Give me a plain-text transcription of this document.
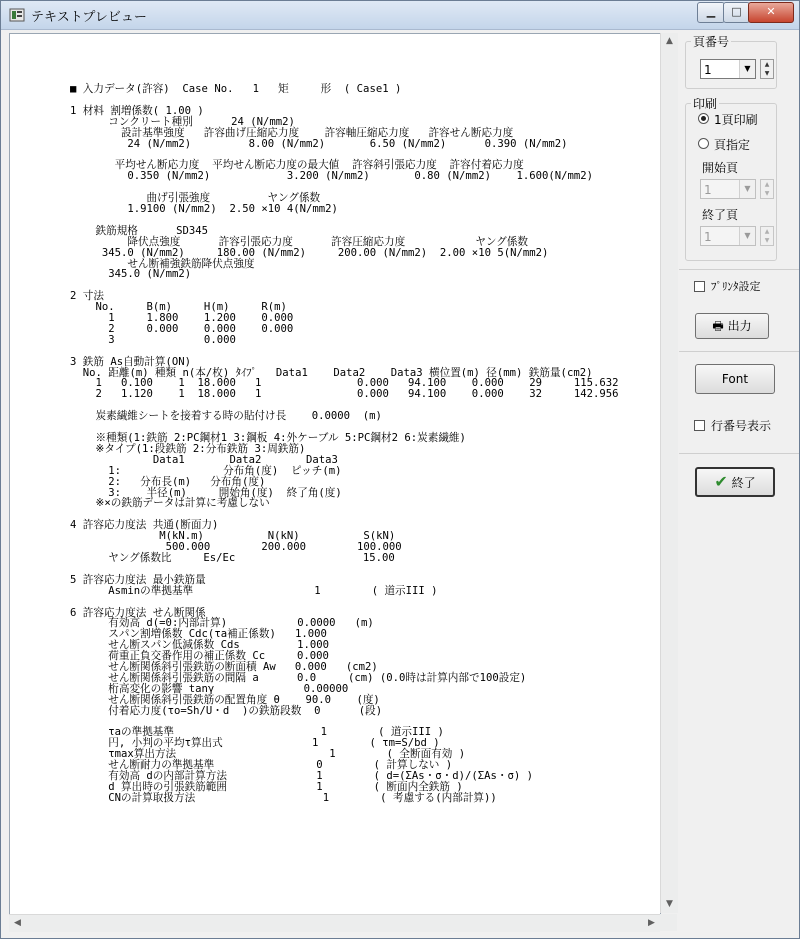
テキストプレビュー	▁	□	✕
■ 入力データ(許容)  Case No.   1   矩     形  ( Case1 )

1 材料 割増係数( 1.00 )
コンクリート種別      24 (N/mm2)
設計基準強度   許容曲げ圧縮応力度    許容軸圧縮応力度   許容せん断応力度
24 (N/mm2)         8.00 (N/mm2)       6.50 (N/mm2)      0.390 (N/mm2)

平均せん断応力度  平均せん断応力度の最大値  許容斜引張応力度  許容付着応力度
0.350 (N/mm2)            3.200 (N/mm2)       0.80 (N/mm2)    1.600(N/mm2)

曲げ引張強度         ヤング係数
1.9100 (N/mm2)  2.50 ×10 4(N/mm2)

鉄筋規格      SD345
降伏点強度      許容引張応力度      許容圧縮応力度           ヤング係数
345.0 (N/mm2)     180.00 (N/mm2)     200.00 (N/mm2)  2.00 ×10 5(N/mm2)
せん断補強鉄筋降伏点強度
345.0 (N/mm2)

2 寸法
No.     B(m)     H(m)     R(m)
1     1.800    1.200    0.000
2     0.000    0.000    0.000
3              0.000

3 鉄筋 As自動計算(ON)
No. 距離(m) 種類 n(本/枚) ﾀｲﾌﾟ   Data1    Data2    Data3 横位置(m) 径(mm) 鉄筋量(cm2)
1   0.100    1  18.000   1               0.000   94.100    0.000    29     115.632
2   1.120    1  18.000   1               0.000   94.100    0.000    32     142.956

炭素繊維シートを接着する時の貼付け長    0.0000  (m)

※種類(1:鉄筋 2:PC鋼材1 3:鋼板 4:外ケーブル 5:PC鋼材2 6:炭素繊維)
※タイプ(1:段鉄筋 2:分布鉄筋 3:周鉄筋)
Data1       Data2       Data3
1:                分布角(度)  ピッチ(m)
2:   分布長(m)   分布角(度)
3:    半径(m)     開始角(度)  終了角(度)
※×の鉄筋データは計算に考慮しない

4 許容応力度法 共通(断面力)
M(kN.m)          N(kN)          S(kN)
500.000        200.000        100.000
ヤング係数比     Es/Ec                    15.00

5 許容応力度法 最小鉄筋量
Asminの準拠基準                   1        ( 道示III )

6 許容応力度法 せん断関係
有効高 d(=0:内部計算)           0.0000   (m)
スパン割増係数 Cdc(τa補正係数)   1.000
せん断スパン低減係数 Cds         1.000
荷重正負交番作用の補正係数 Cc     0.000
せん断関係斜引張鉄筋の断面積 Aw   0.000   (cm2)
せん断関係斜引張鉄筋の間隔 a      0.0     (cm) (0.0時は計算内部で100設定)
桁高変化の影響 tanγ              0.00000
せん断関係斜引張鉄筋の配置角度 θ    90.0    (度)
付着応力度(τo=Sh/U・d  )の鉄筋段数  0      (段)

τaの準拠基準                       1        ( 道示III )
円, 小判の平均τ算出式              1        ( τm=S/bd )
τmax算出方法                        1        ( 全断面有効 )
せん断耐力の準拠基準                0        ( 計算しない )
有効高 dの内部計算方法              1        ( d=(ΣAs・σ・d)/(ΣAs・σ) )
d 算出時の引張鉄筋範囲              1        ( 断面内全鉄筋 )
CNの計算取扱方法                    1        ( 考慮する(内部計算))

▲
▼
◀	▶
頁番号
1	▼	▲
▼
印刷
1頁印刷
頁指定
開始頁
1	▼	▲
▼
終了頁
1	▼	▲
▼
ﾌﾟﾘﾝﾀ設定
🖶 出力
Font
行番号表示
✔ 終了
